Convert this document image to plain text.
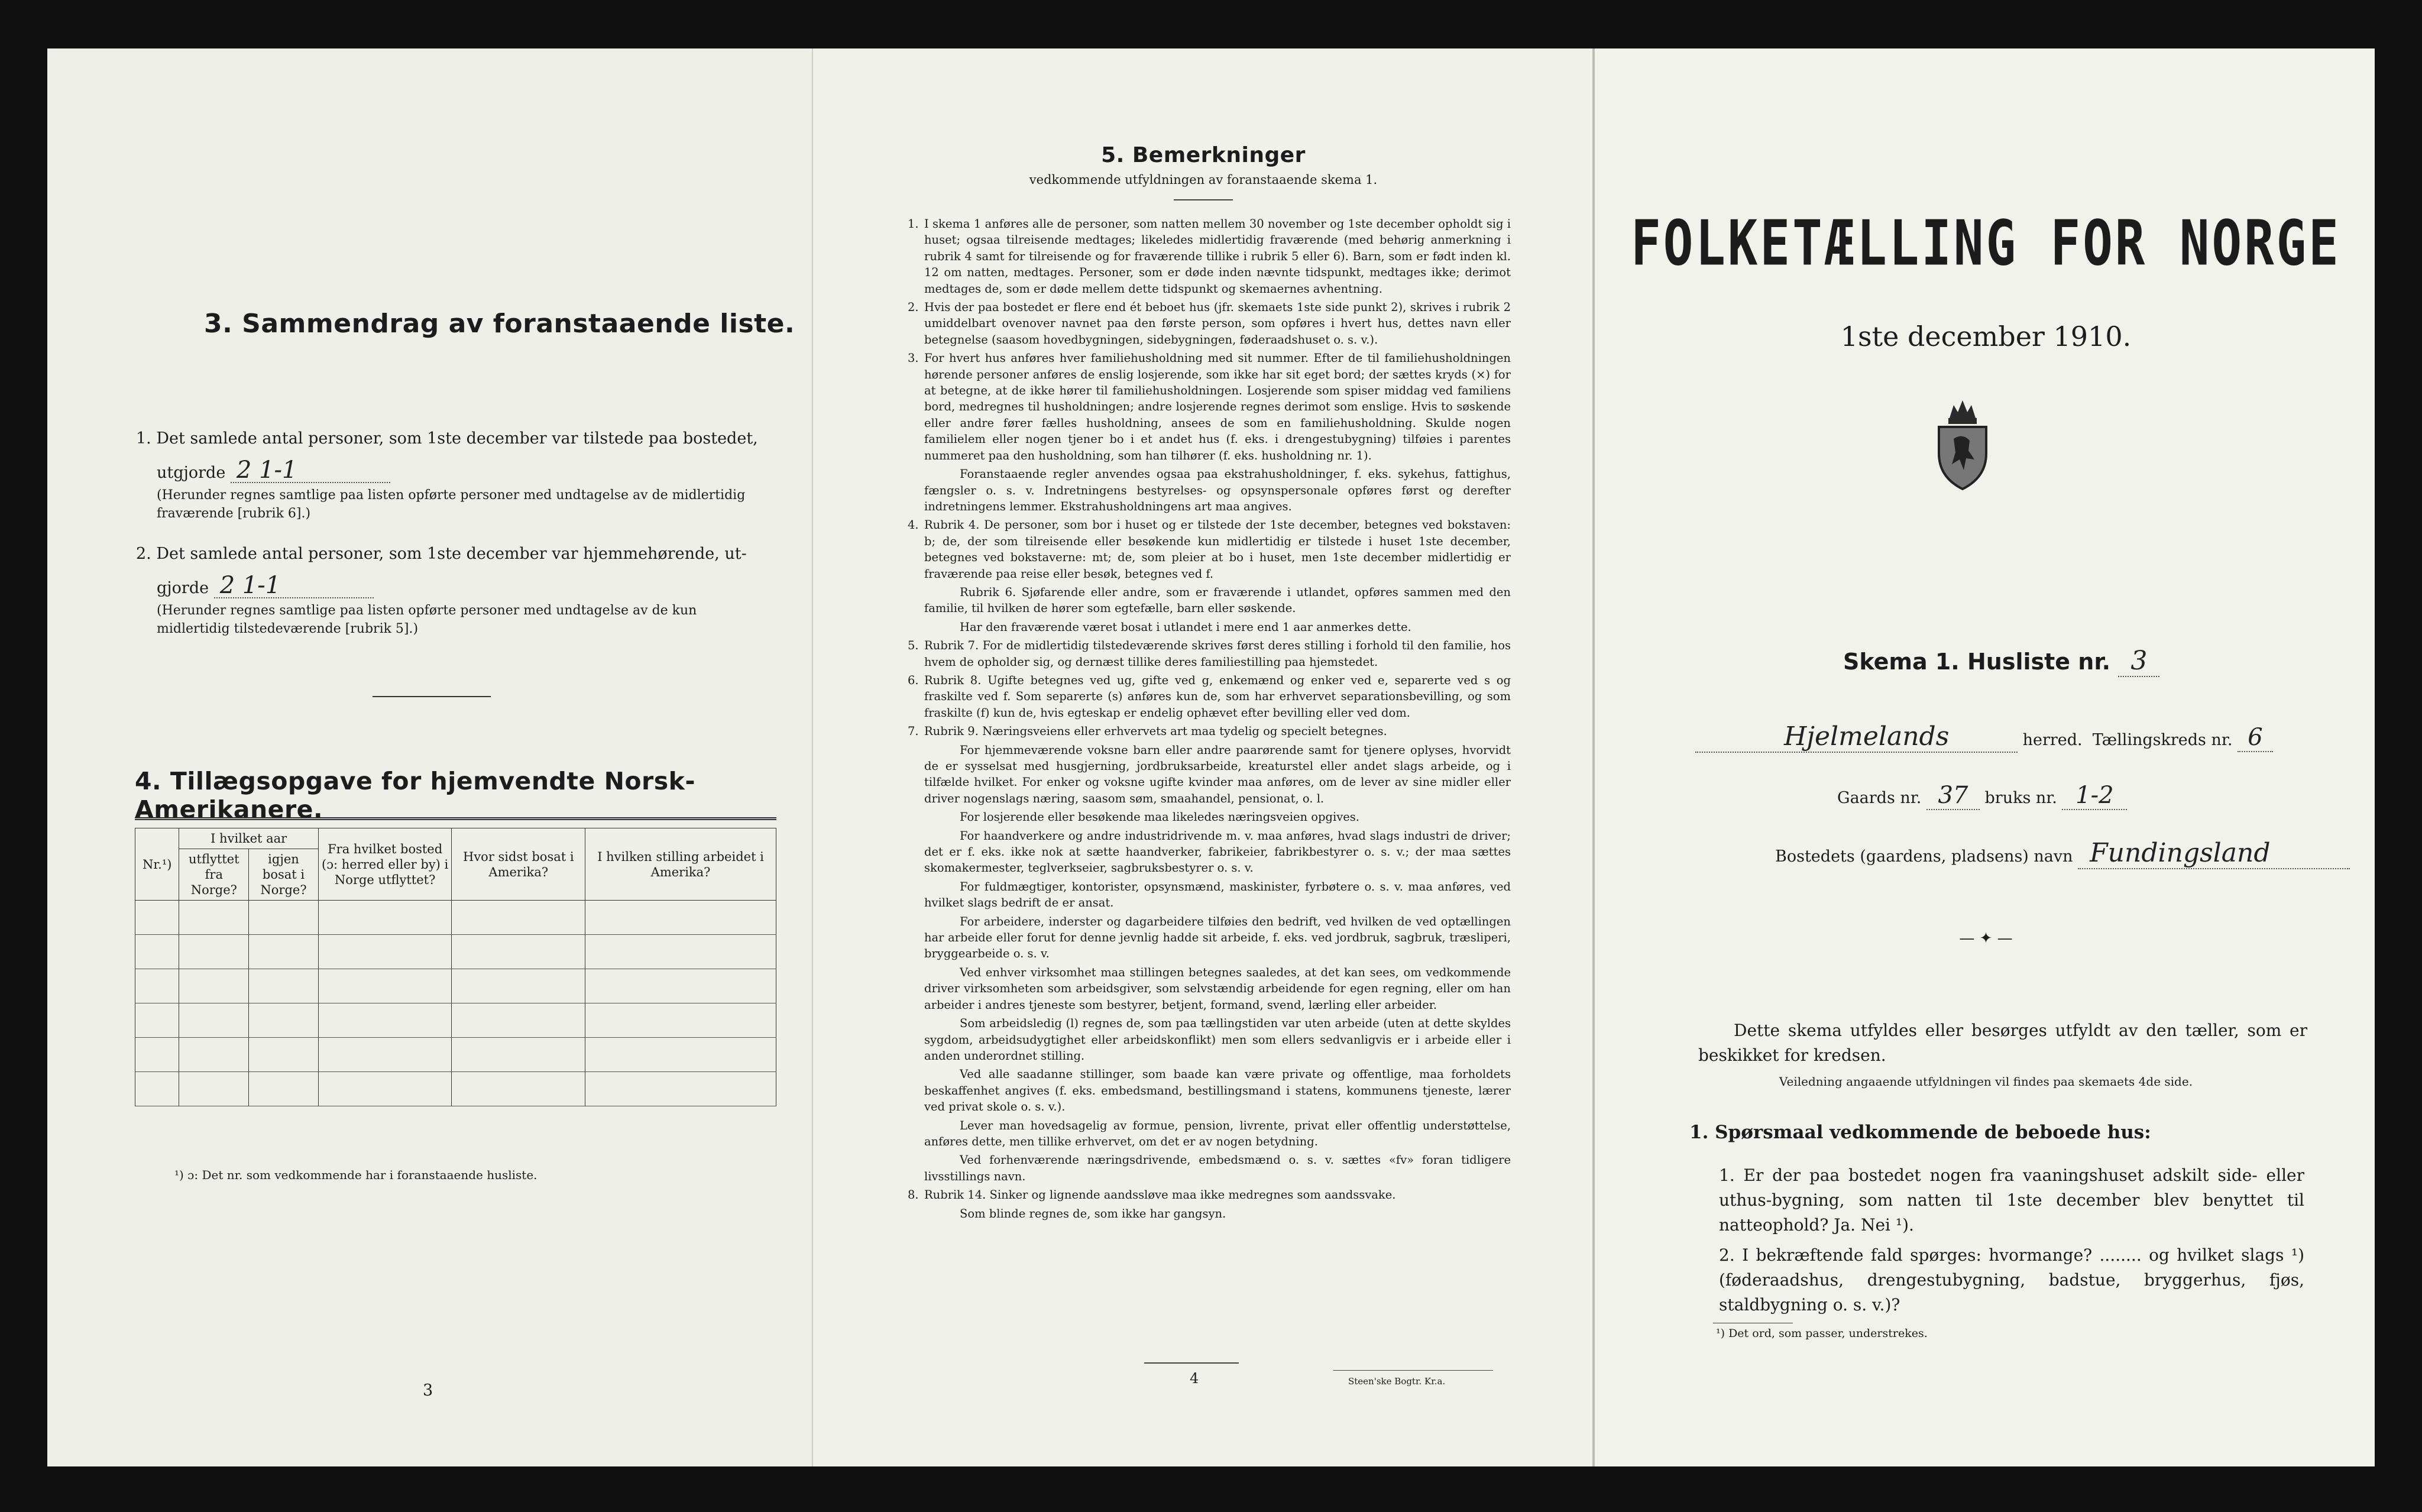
3. Sammendrag av foranstaaende liste.
1. Det samlede antal personer, som 1ste december var tilstede paa bostedet,
utgjorde 2 1-1
(Herunder regnes samtlige paa listen opførte personer med undtagelse av de midlertidig fraværende [rubrik 6].)
2. Det samlede antal personer, som 1ste december var hjemmehørende, ut-
gjorde 2 1-1
(Herunder regnes samtlige paa listen opførte personer med undtagelse av de kun midlertidig tilstedeværende [rubrik 5].)
4. Tillægsopgave for hjemvendte Norsk-Amerikanere.
Nr.¹)	I hvilket aar		Fra hvilket bosted (ɔ: herred eller by) i Norge utflyttet?	Hvor sidst bosat i Amerika?	I hvilken stilling arbeidet i Amerika?
	utflyttet fra Norge?	igjen bosat i Norge?			

¹) ɔ: Det nr. som vedkommende har i foranstaaende husliste.
3
5. Bemerkninger
vedkommende utfyldningen av foranstaaende skema 1.

1. I skema 1 anføres alle de personer, som natten mellem 30 november og 1ste december opholdt sig i huset; ogsaa tilreisende medtages; likeledes midlertidig fraværende (med behørig anmerkning i rubrik 4 samt for tilreisende og for fraværende tillike i rubrik 5 eller 6). Barn, som er født inden kl. 12 om natten, medtages. Personer, som er døde inden nævnte tidspunkt, medtages ikke; derimot medtages de, som er døde mellem dette tidspunkt og skemaernes avhentning.

2. Hvis der paa bostedet er flere end ét beboet hus (jfr. skemaets 1ste side punkt 2), skrives i rubrik 2 umiddelbart ovenover navnet paa den første person, som opføres i hvert hus, dettes navn eller betegnelse (saasom hovedbygningen, sidebygningen, føderaadshuset o. s. v.).

3. For hvert hus anføres hver familiehusholdning med sit nummer. Efter de til familiehusholdningen hørende personer anføres de enslig losjerende, som ikke har sit eget bord; der sættes kryds (×) for at betegne, at de ikke hører til familiehusholdningen. Losjerende som spiser middag ved familiens bord, medregnes til husholdningen; andre losjerende regnes derimot som enslige. Hvis to søskende eller andre fører fælles husholdning, ansees de som en familiehusholdning. Skulde nogen familielem eller nogen tjener bo i et andet hus (f. eks. i drengestubygning) tilføies i parentes nummeret paa den husholdning, som han tilhører (f. eks. husholdning nr. 1).

Foranstaaende regler anvendes ogsaa paa ekstrahusholdninger, f. eks. sykehus, fattighus, fængsler o. s. v. Indretningens bestyrelses- og opsynspersonale opføres først og derefter indretningens lemmer. Ekstrahusholdningens art maa angives.

4. Rubrik 4. De personer, som bor i huset og er tilstede der 1ste december, betegnes ved bokstaven: b; de, der som tilreisende eller besøkende kun midlertidig er tilstede i huset 1ste december, betegnes ved bokstaverne: mt; de, som pleier at bo i huset, men 1ste december midlertidig er fraværende paa reise eller besøk, betegnes ved f.

Rubrik 6. Sjøfarende eller andre, som er fraværende i utlandet, opføres sammen med den familie, til hvilken de hører som egtefælle, barn eller søskende.

Har den fraværende været bosat i utlandet i mere end 1 aar anmerkes dette.

5. Rubrik 7. For de midlertidig tilstedeværende skrives først deres stilling i forhold til den familie, hos hvem de opholder sig, og dernæst tillike deres familiestilling paa hjemstedet.

6. Rubrik 8. Ugifte betegnes ved ug, gifte ved g, enkemænd og enker ved e, separerte ved s og fraskilte ved f. Som separerte (s) anføres kun de, som har erhvervet separationsbevilling, og som fraskilte (f) kun de, hvis egteskap er endelig ophævet efter bevilling eller ved dom.

7. Rubrik 9. Næringsveiens eller erhvervets art maa tydelig og specielt betegnes.

For hjemmeværende voksne barn eller andre paarørende samt for tjenere oplyses, hvorvidt de er sysselsat med husgjerning, jordbruksarbeide, kreaturstel eller andet slags arbeide, og i tilfælde hvilket. For enker og voksne ugifte kvinder maa anføres, om de lever av sine midler eller driver nogenslags næring, saasom søm, smaahandel, pensionat, o. l.

For losjerende eller besøkende maa likeledes næringsveien opgives.

For haandverkere og andre industridrivende m. v. maa anføres, hvad slags industri de driver; det er f. eks. ikke nok at sætte haandverker, fabrikeier, fabrikbestyrer o. s. v.; der maa sættes skomakermester, teglverkseier, sagbruksbestyrer o. s. v.

For fuldmægtiger, kontorister, opsynsmænd, maskinister, fyrbøtere o. s. v. maa anføres, ved hvilket slags bedrift de er ansat.

For arbeidere, inderster og dagarbeidere tilføies den bedrift, ved hvilken de ved optællingen har arbeide eller forut for denne jevnlig hadde sit arbeide, f. eks. ved jordbruk, sagbruk, træsliperi, bryggearbeide o. s. v.

Ved enhver virksomhet maa stillingen betegnes saaledes, at det kan sees, om vedkommende driver virksomheten som arbeidsgiver, som selvstændig arbeidende for egen regning, eller om han arbeider i andres tjeneste som bestyrer, betjent, formand, svend, lærling eller arbeider.

Som arbeidsledig (l) regnes de, som paa tællingstiden var uten arbeide (uten at dette skyldes sygdom, arbeidsudygtighet eller arbeidskonflikt) men som ellers sedvanligvis er i arbeide eller i anden underordnet stilling.

Ved alle saadanne stillinger, som baade kan være private og offentlige, maa forholdets beskaffenhet angives (f. eks. embedsmand, bestillingsmand i statens, kommunens tjeneste, lærer ved privat skole o. s. v.).

Lever man hovedsagelig av formue, pension, livrente, privat eller offentlig understøttelse, anføres dette, men tillike erhvervet, om det er av nogen betydning.

Ved forhenværende næringsdrivende, embedsmænd o. s. v. sættes «fv» foran tidligere livsstillings navn.

8. Rubrik 14. Sinker og lignende aandssløve maa ikke medregnes som aandssvake.

Som blinde regnes de, som ikke har gangsyn.

4	Steen'ske Bogtr. Kr.a.
FOLKETÆLLING FOR NORGE
1ste december 1910.
Skema 1. Husliste nr. 3
Hjelmelands	herred. Tællingskreds nr. 6
Gaards nr. 37 bruks nr. 1-2
Bostedets (gaardens, pladsens) navn Fundingsland
— ✦ —
Dette skema utfyldes eller besørges utfyldt av den tæller, som er beskikket for kredsen.
Veiledning angaaende utfyldningen vil findes paa skemaets 4de side.
1. Spørsmaal vedkommende de beboede hus:
1. Er der paa bostedet nogen fra vaaningshuset adskilt side- eller uthus-bygning, som natten til 1ste december blev benyttet til natteophold? Ja. Nei ¹).
2. I bekræftende fald spørges: hvormange? ........ og hvilket slags ¹) (føderaadshus, drengestubygning, badstue, bryggerhus, fjøs, staldbygning o. s. v.)?
¹) Det ord, som passer, understrekes.
